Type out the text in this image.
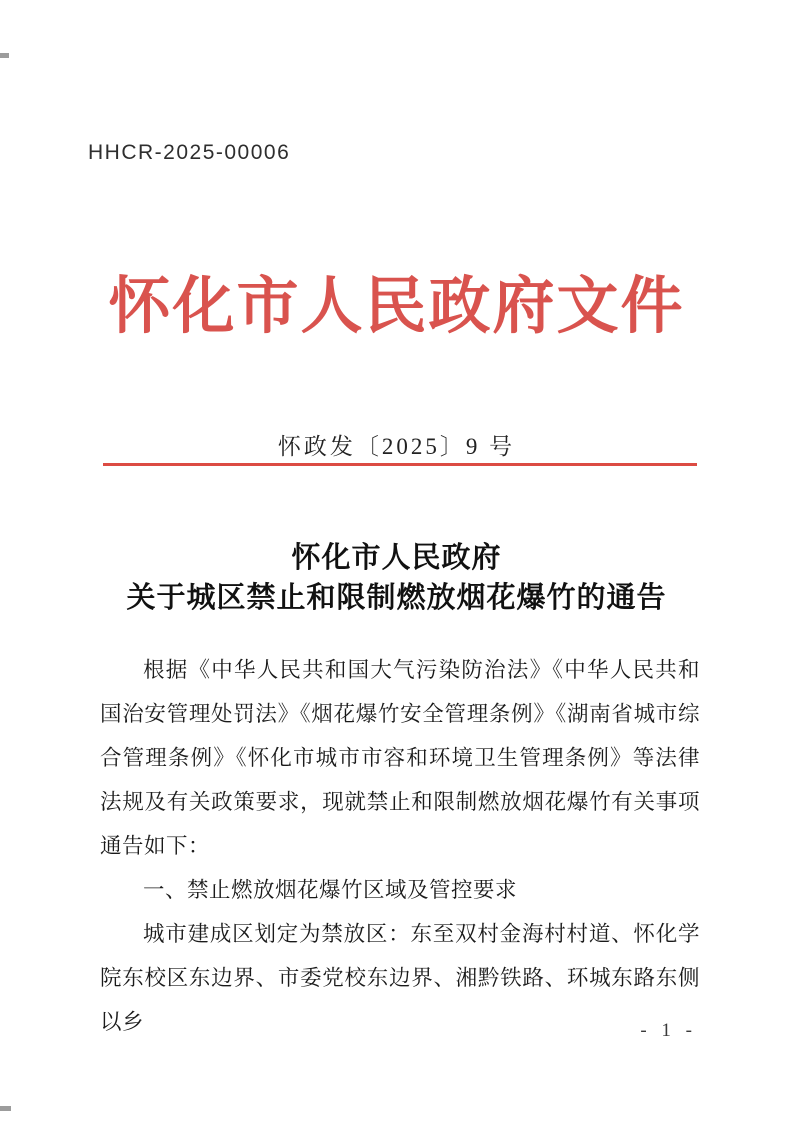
HHCR-2025-00006
怀化市人民政府文件
怀政发〔2025〕9 号
怀化市人民政府
关于城区禁止和限制燃放烟花爆竹的通告

根据《中华人民共和国大气污染防治法》《中华人民共和国治安管理处罚法》《烟花爆竹安全管理条例》《湖南省城市综合管理条例》《怀化市城市市容和环境卫生管理条例》等法律法规及有关政策要求，现就禁止和限制燃放烟花爆竹有关事项通告如下：

一、禁止燃放烟花爆竹区域及管控要求

城市建成区划定为禁放区：东至双村金海村村道、怀化学院东校区东边界、市委党校东边界、湘黔铁路、环城东路东侧以乡	- 1 -
